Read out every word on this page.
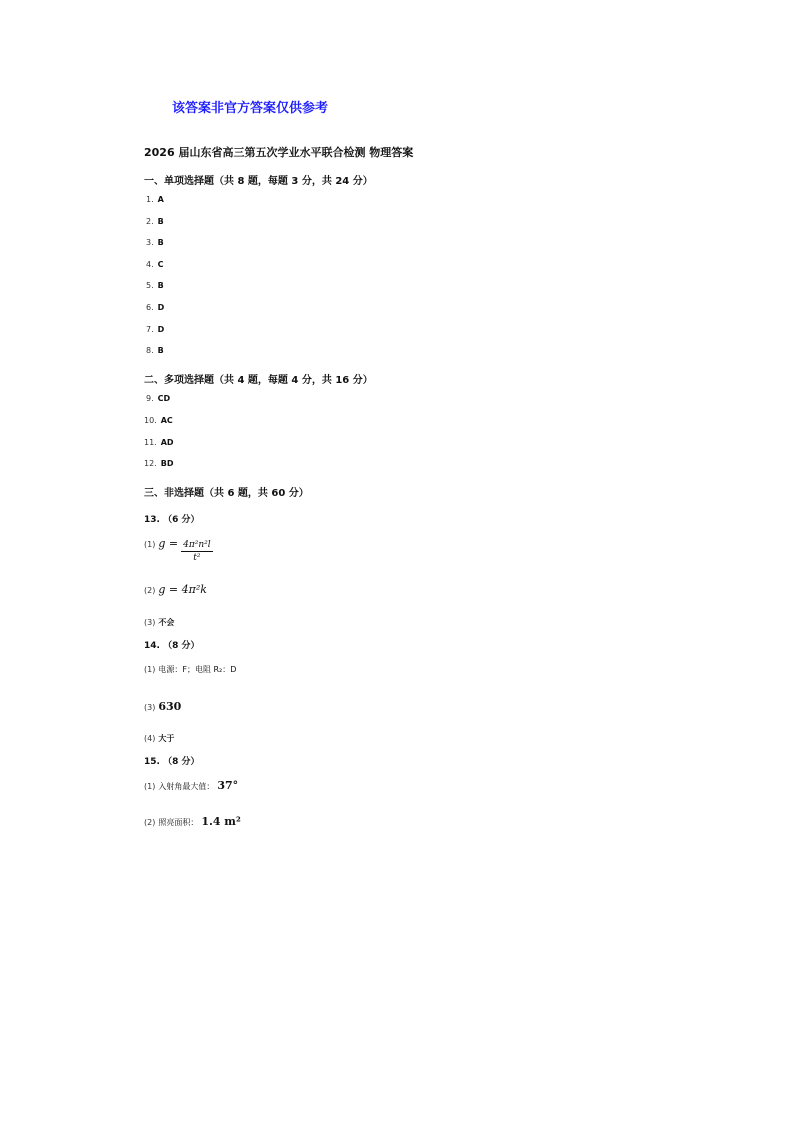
该答案非官方答案仅供参考
2026 届山东省高三第五次学业水平联合检测 物理答案
一、单项选择题（共 8 题，每题 3 分，共 24 分）
1. A
2. B
3. B
4. C
5. B
6. D
7. D
8. B
二、多项选择题（共 4 题，每题 4 分，共 16 分）
9. CD
10. AC
11. AD
12. BD
三、非选择题（共 6 题，共 60 分）
13. （6 分）
(1) $g = \frac{\text{4π²n²l}}{\text{t²}}$
(2) g = 4π²k
(3) 不会
14. （8 分）
(1) 电源：F；电阻 R₂：D
(3) 630
(4) 大于
15. （8 分）
(1) 入射角最大值： 37°
(2) 照亮面积： 1.4 m²
